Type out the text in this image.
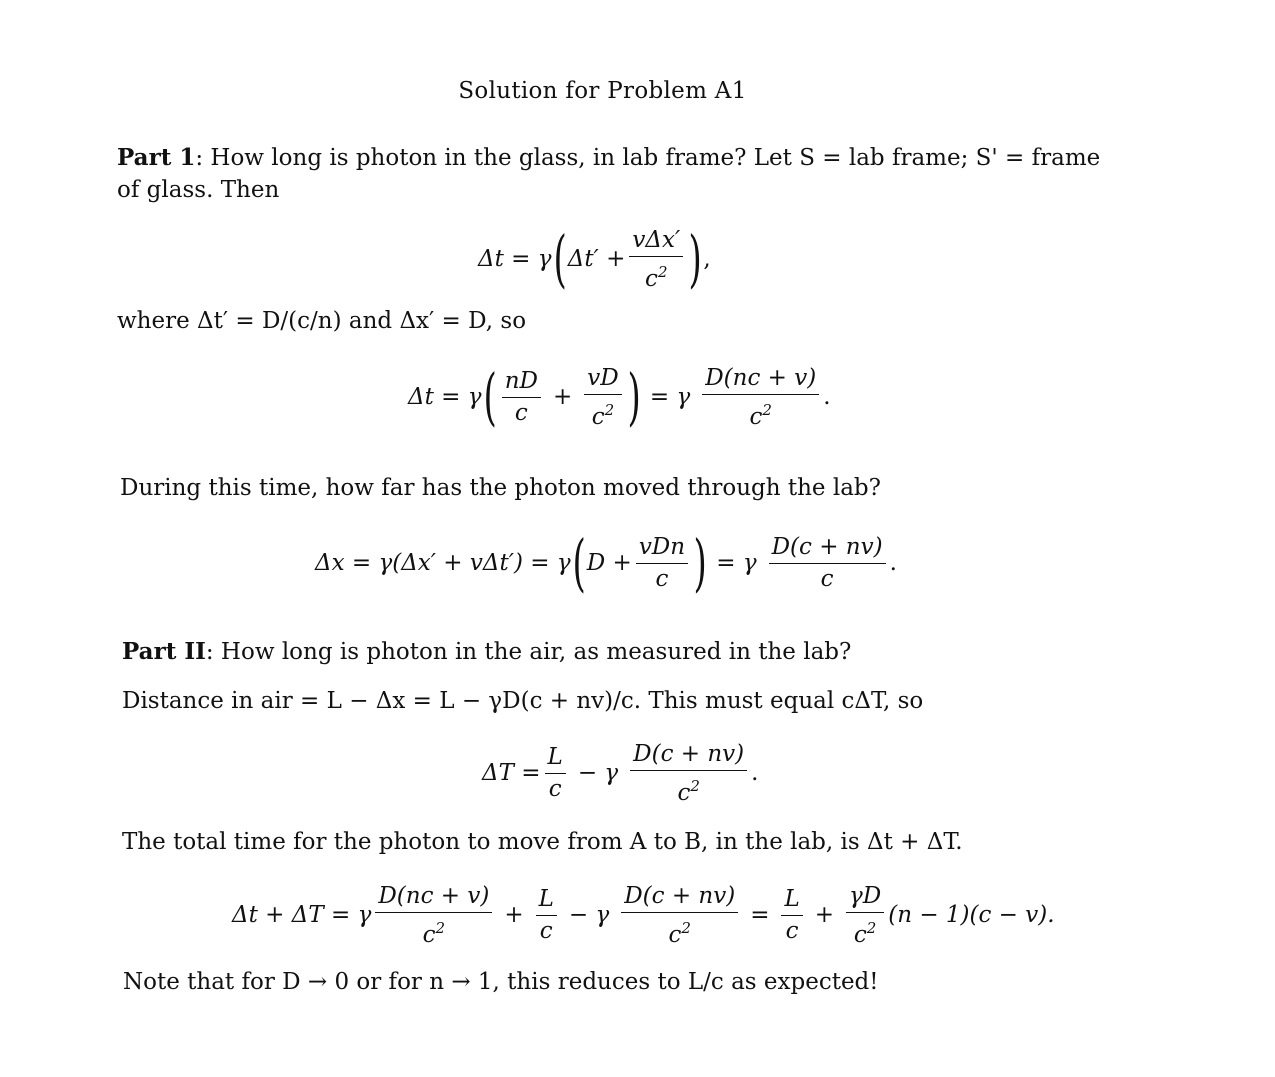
Solution for Problem A1
Part 1: How long is photon in the glass, in lab frame? Let S = lab frame; S' = frame of glass. Then
Δt = γ ( $\Delta t' + \frac{\text{vΔx′}}{c^2}$ ) ,
where Δt′ = D/(c/n) and Δx′ = D, so
Δt = γ ( $\frac{nD}{c} + \frac{vD}{c^2}$ ) = γ $\frac{D(nc + v)}{c^2}$ .
During this time, how far has the photon moved through the lab?
Δx = γ(Δx′ + vΔt′) = γ ( $D + \frac{\text{vDn}}{c}$ ) = γ $\frac{D(c + nv)}{c}$ .
Part II: How long is photon in the air, as measured in the lab?
Distance in air = L − Δx = L − γD(c + nv)/c. This must equal cΔT, so
$\Delta T = \frac{L}{c} - \gamma \frac{D(c + nv)}{c^2}$ .
The total time for the photon to move from A to B, in the lab, is Δt + ΔT.
Δt + ΔT = γ $\frac{D(nc + v)}{c^2} + \frac{L}{c} - \gamma \frac{D(c + nv)}{c^2} = \frac{L}{c} + \frac{\gamma D}{c^2} (n - 1)(c - v)$.
Note that for D → 0 or for n → 1, this reduces to L/c as expected!
